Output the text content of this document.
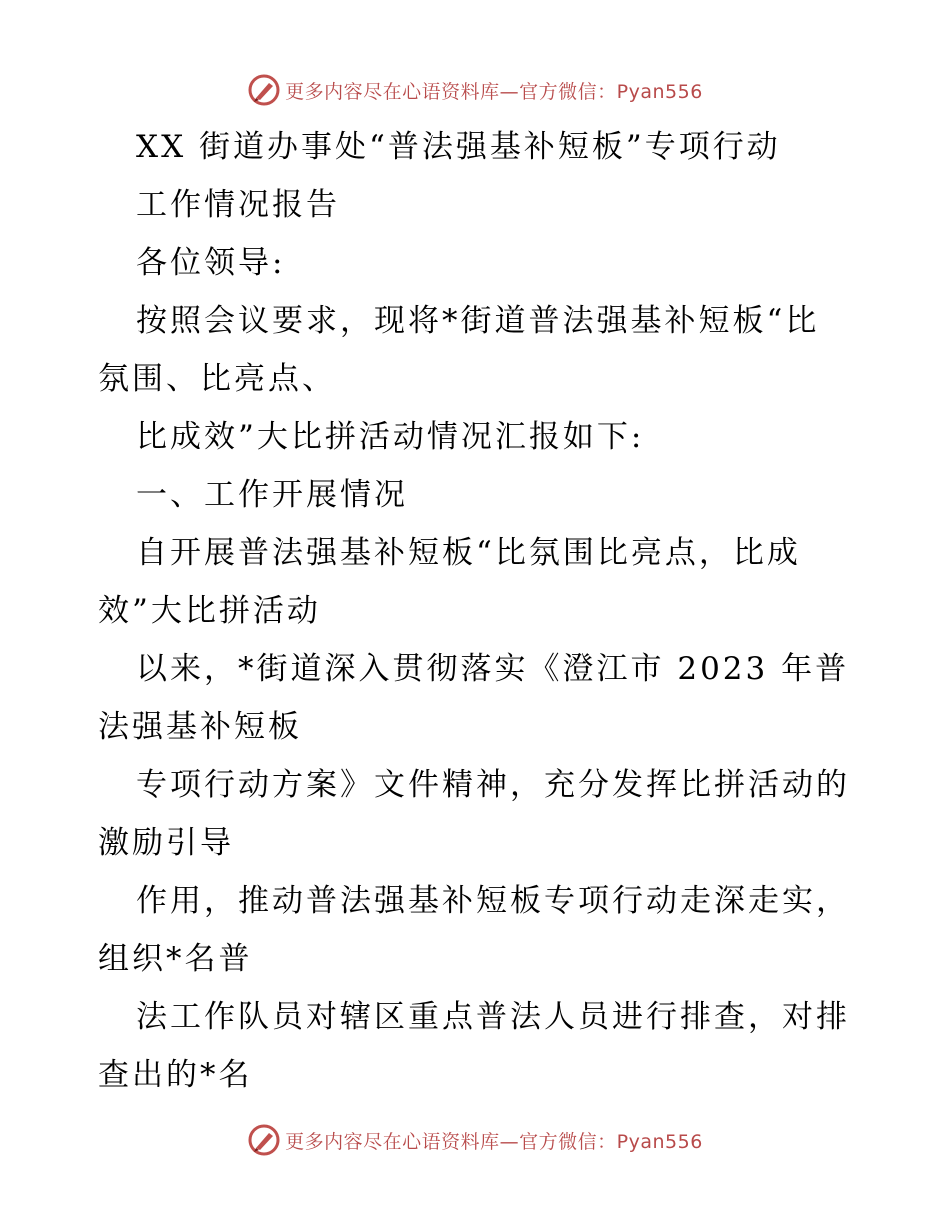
更多内容尽在心语资料库—官方微信：Pyan556
XX 街道办事处“普法强基补短板”专项行动
工作情况报告
各位领导:
按照会议要求，现将*街道普法强基补短板“比
氛围、比亮点、
比成效”大比拼活动情况汇报如下:
一、工作开展情况
自开展普法强基补短板“比氛围比亮点，比成
效”大比拼活动
以来，*街道深入贯彻落实《澄江市 2023 年普
法强基补短板
专项行动方案》文件精神，充分发挥比拼活动的
激励引导
作用，推动普法强基补短板专项行动走深走实，
组织*名普
法工作队员对辖区重点普法人员进行排查，对排
查出的*名
更多内容尽在心语资料库—官方微信：Pyan556
